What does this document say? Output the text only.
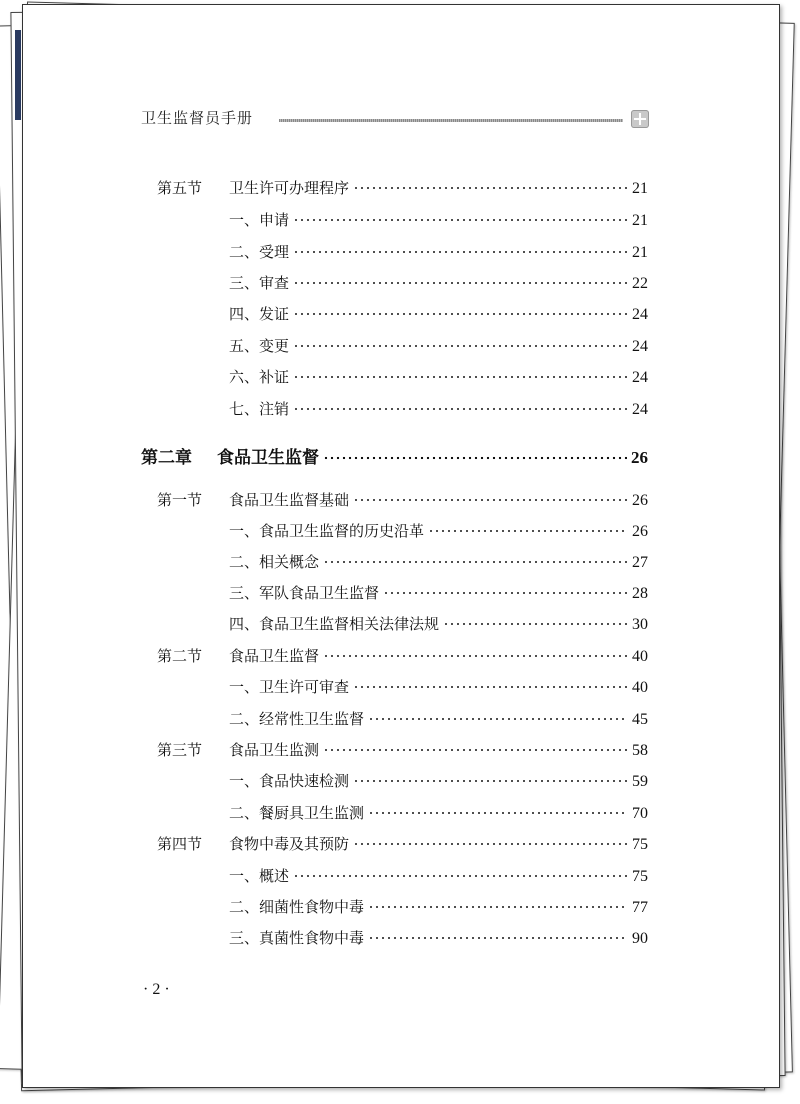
卫生监督员手册
第五节	卫生许可办理程序	21
一、申请	21
二、受理	21
三、审查	22
四、发证	24
五、变更	24
六、补证	24
七、注销	24
第二章	食品卫生监督	26
第一节	食品卫生监督基础	26
一、食品卫生监督的历史沿革	26
二、相关概念	27
三、军队食品卫生监督	28
四、食品卫生监督相关法律法规	30
第二节	食品卫生监督	40
一、卫生许可审查	40
二、经常性卫生监督	45
第三节	食品卫生监测	58
一、食品快速检测	59
二、餐厨具卫生监测	70
第四节	食物中毒及其预防	75
一、概述	75
二、细菌性食物中毒	77
三、真菌性食物中毒	90
· 2 ·
